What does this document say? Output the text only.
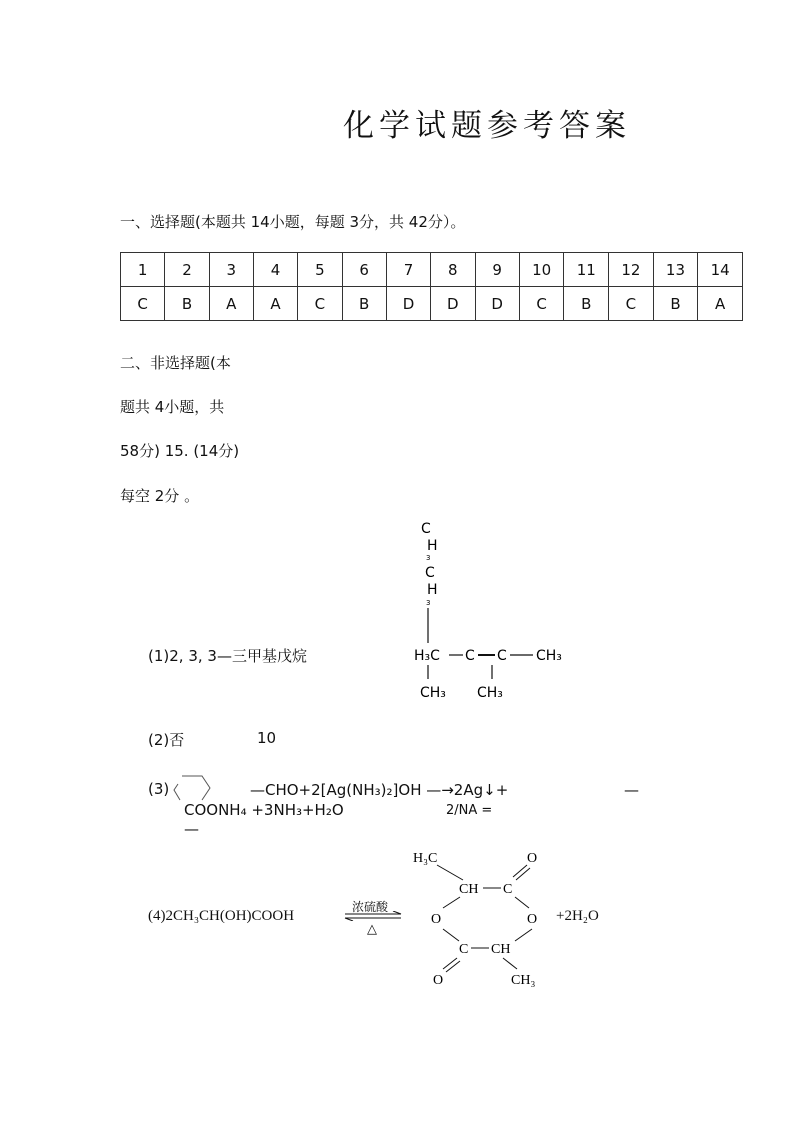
化学试题参考答案
一、选择题(本题共 14小题，每题 3分，共 42分）。
1	2	3	4	5	6	7	8	9	10	11	12	13	14
C	B	A	A	C	B	D	D	D	C	B	C	B	A
二、非选择题(本
题共 4小题，共
58分) 15. (14分)
每空 2分 。
(1)2, 3, 3—三甲基戊烷
C
H
3
C
H
3
H₃C C C CH₃
CH₃ CH₃
(2)否	10
(3)	—CHO+2[Ag(NH₃)₂]OH —→2Ag↓+	—
COONH₄ +3NH₃+H₂O	2/NA =
—
(4)2CH₃CH(OH)COOH
浓硫酸
△
H₃C	O
CH C
O	O
C CH
O	CH₃
+2H₂O
